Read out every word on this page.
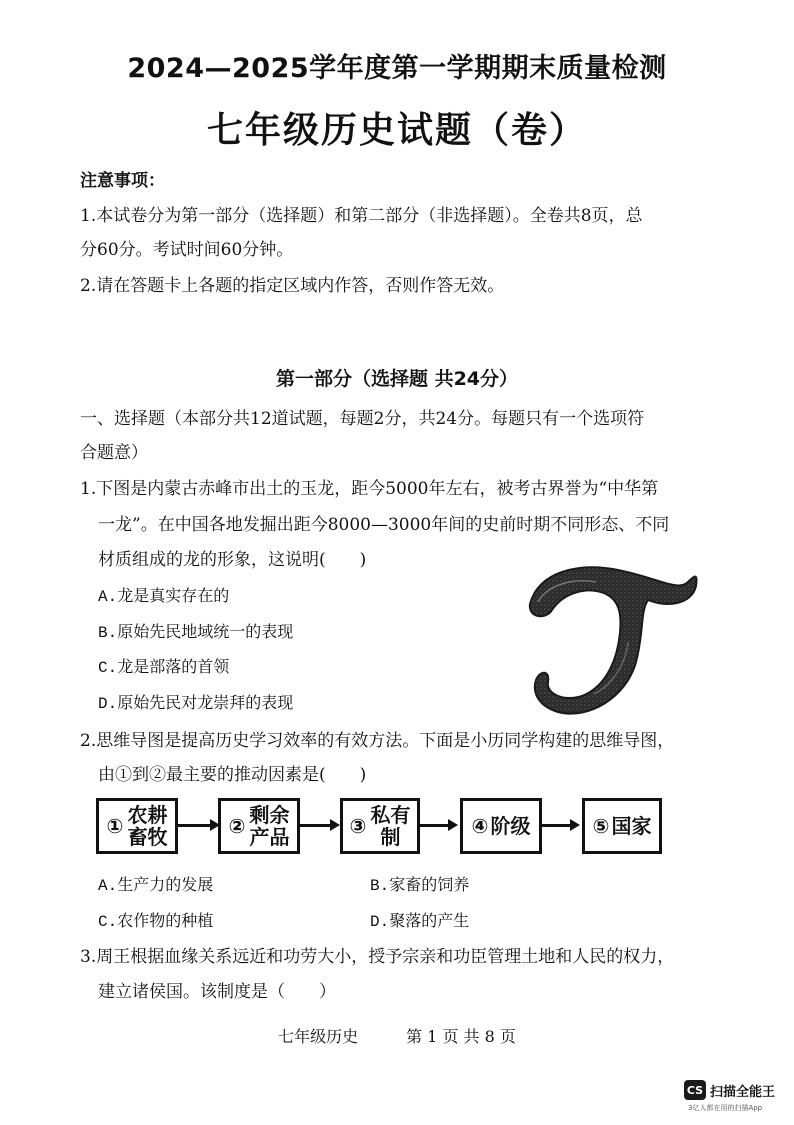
2024—2025学年度第一学期期末质量检测
七年级历史试题（卷）
注意事项：
1.本试卷分为第一部分（选择题）和第二部分（非选择题）。全卷共8页，总
分60分。考试时间60分钟。
2.请在答题卡上各题的指定区域内作答，否则作答无效。
第一部分（选择题 共24分）
一、选择题（本部分共12道试题，每题2分，共24分。每题只有一个选项符
合题意）
1.下图是内蒙古赤峰市出土的玉龙，距今5000年左右，被考古界誉为“中华第
一龙”。在中国各地发掘出距今8000—3000年间的史前时期不同形态、不同
材质组成的龙的形象，这说明(　　)
A.龙是真实存在的
B.原始先民地域统一的表现
C.龙是部落的首领
D.原始先民对龙崇拜的表现
2.思维导图是提高历史学习效率的有效方法。下面是小历同学构建的思维导图，
由①到②最主要的推动因素是(　　)
① 农耕
畜牧	② 剩余
产品	③ 私有
制	④ 阶级	⑤ 国家
A.生产力的发展	B.家畜的饲养
C.农作物的种植	D.聚落的产生
3.周王根据血缘关系远近和功劳大小，授予宗亲和功臣管理土地和人民的权力，
建立诸侯国。该制度是（　　）
七年级历史　　　第 1 页 共 8 页
CS 扫描全能王
3亿人都在用的扫描App
